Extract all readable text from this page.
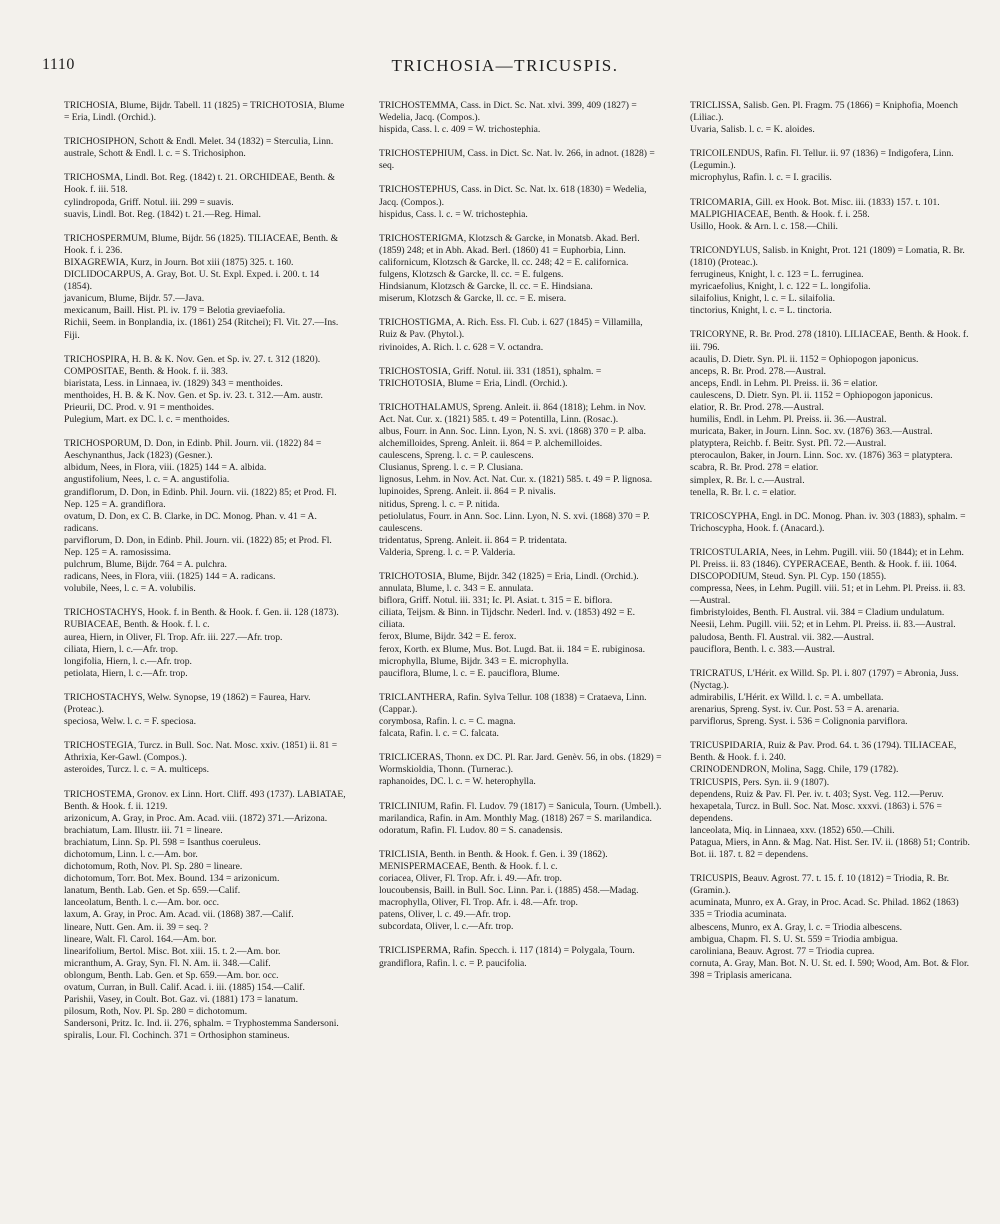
1110	TRICHOSIA—TRICUSPIS.

TRICHOSIA, Blume, Bijdr. Tabell. 11 (1825) = TRICHOTOSIA, Blume = Eria, Lindl. (Orchid.).

TRICHOSIPHON, Schott & Endl. Melet. 34 (1832) = Sterculia, Linn.

australe, Schott & Endl. l. c. = S. Trichosiphon.

TRICHOSMA, Lindl. Bot. Reg. (1842) t. 21. ORCHIDEAE, Benth. & Hook. f. iii. 518.

cylindropoda, Griff. Notul. iii. 299 = suavis.

suavis, Lindl. Bot. Reg. (1842) t. 21.—Reg. Himal.

TRICHOSPERMUM, Blume, Bijdr. 56 (1825). TILIACEAE, Benth. & Hook. f. i. 236.

BIXAGREWIA, Kurz, in Journ. Bot xiii (1875) 325. t. 160.

DICLIDOCARPUS, A. Gray, Bot. U. St. Expl. Exped. i. 200. t. 14 (1854).

javanicum, Blume, Bijdr. 57.—Java.

mexicanum, Baill. Hist. Pl. iv. 179 = Belotia greviaefolia.

Richii, Seem. in Bonplandia, ix. (1861) 254 (Ritchei); Fl. Vit. 27.—Ins. Fiji.

TRICHOSPIRA, H. B. & K. Nov. Gen. et Sp. iv. 27. t. 312 (1820). COMPOSITAE, Benth. & Hook. f. ii. 383.

biaristata, Less. in Linnaea, iv. (1829) 343 = menthoides.

menthoides, H. B. & K. Nov. Gen. et Sp. iv. 23. t. 312.—Am. austr.

Prieurii, DC. Prod. v. 91 = menthoides.

Pulegium, Mart. ex DC. l. c. = menthoides.

TRICHOSPORUM, D. Don, in Edinb. Phil. Journ. vii. (1822) 84 = Aeschynanthus, Jack (1823) (Gesner.).

albidum, Nees, in Flora, viii. (1825) 144 = A. albida.

angustifolium, Nees, l. c. = A. angustifolia.

grandiflorum, D. Don, in Edinb. Phil. Journ. vii. (1822) 85; et Prod. Fl. Nep. 125 = A. grandiflora.

ovatum, D. Don, ex C. B. Clarke, in DC. Monog. Phan. v. 41 = A. radicans.

parviflorum, D. Don, in Edinb. Phil. Journ. vii. (1822) 85; et Prod. Fl. Nep. 125 = A. ramosissima.

pulchrum, Blume, Bijdr. 764 = A. pulchra.

radicans, Nees, in Flora, viii. (1825) 144 = A. radicans.

volubile, Nees, l. c. = A. volubilis.

TRICHOSTACHYS, Hook. f. in Benth. & Hook. f. Gen. ii. 128 (1873). RUBIACEAE, Benth. & Hook. f. l. c.

aurea, Hiern, in Oliver, Fl. Trop. Afr. iii. 227.—Afr. trop.

ciliata, Hiern, l. c.—Afr. trop.

longifolia, Hiern, l. c.—Afr. trop.

petiolata, Hiern, l. c.—Afr. trop.

TRICHOSTACHYS, Welw. Synopse, 19 (1862) = Faurea, Harv. (Proteac.).

speciosa, Welw. l. c. = F. speciosa.

TRICHOSTEGIA, Turcz. in Bull. Soc. Nat. Mosc. xxiv. (1851) ii. 81 = Athrixia, Ker-Gawl. (Compos.).

asteroides, Turcz. l. c. = A. multiceps.

TRICHOSTEMA, Gronov. ex Linn. Hort. Cliff. 493 (1737). LABIATAE, Benth. & Hook. f. ii. 1219.

arizonicum, A. Gray, in Proc. Am. Acad. viii. (1872) 371.—Arizona.

brachiatum, Lam. Illustr. iii. 71 = lineare.

brachiatum, Linn. Sp. Pl. 598 = Isanthus coeruleus.

dichotomum, Linn. l. c.—Am. bor.

dichotomum, Roth, Nov. Pl. Sp. 280 = lineare.

dichotomum, Torr. Bot. Mex. Bound. 134 = arizonicum.

lanatum, Benth. Lab. Gen. et Sp. 659.—Calif.

lanceolatum, Benth. l. c.—Am. bor. occ.

laxum, A. Gray, in Proc. Am. Acad. vii. (1868) 387.—Calif.

lineare, Nutt. Gen. Am. ii. 39 = seq. ?

lineare, Walt. Fl. Carol. 164.—Am. bor.

linearifolium, Bertol. Misc. Bot. xiii. 15. t. 2.—Am. bor.

micranthum, A. Gray, Syn. Fl. N. Am. ii. 348.—Calif.

oblongum, Benth. Lab. Gen. et Sp. 659.—Am. bor. occ.

ovatum, Curran, in Bull. Calif. Acad. i. iii. (1885) 154.—Calif.

Parishii, Vasey, in Coult. Bot. Gaz. vi. (1881) 173 = lanatum.

pilosum, Roth, Nov. Pl. Sp. 280 = dichotomum.

Sandersoni, Pritz. Ic. Ind. ii. 276, sphalm. = Tryphostemma Sandersoni.

spiralis, Lour. Fl. Cochinch. 371 = Orthosiphon stamineus.

TRICHOSTEMMA, Cass. in Dict. Sc. Nat. xlvi. 399, 409 (1827) = Wedelia, Jacq. (Compos.).

hispida, Cass. l. c. 409 = W. trichostephia.

TRICHOSTEPHIUM, Cass. in Dict. Sc. Nat. lv. 266, in adnot. (1828) = seq.

TRICHOSTEPHUS, Cass. in Dict. Sc. Nat. lx. 618 (1830) = Wedelia, Jacq. (Compos.).

hispidus, Cass. l. c. = W. trichostephia.

TRICHOSTERIGMA, Klotzsch & Garcke, in Monatsb. Akad. Berl. (1859) 248; et in Abh. Akad. Berl. (1860) 41 = Euphorbia, Linn.

californicum, Klotzsch & Garcke, ll. cc. 248; 42 = E. californica.

fulgens, Klotzsch & Garcke, ll. cc. = E. fulgens.

Hindsianum, Klotzsch & Garcke, ll. cc. = E. Hindsiana.

miserum, Klotzsch & Garcke, ll. cc. = E. misera.

TRICHOSTIGMA, A. Rich. Ess. Fl. Cub. i. 627 (1845) = Villamilla, Ruiz & Pav. (Phytol.).

rivinoides, A. Rich. l. c. 628 = V. octandra.

TRICHOSTOSIA, Griff. Notul. iii. 331 (1851), sphalm. = TRICHOTOSIA, Blume = Eria, Lindl. (Orchid.).

TRICHOTHALAMUS, Spreng. Anleit. ii. 864 (1818); Lehm. in Nov. Act. Nat. Cur. x. (1821) 585. t. 49 = Potentilla, Linn. (Rosac.).

albus, Fourr. in Ann. Soc. Linn. Lyon, N. S. xvi. (1868) 370 = P. alba.

alchemilloides, Spreng. Anleit. ii. 864 = P. alchemilloides.

caulescens, Spreng. l. c. = P. caulescens.

Clusianus, Spreng. l. c. = P. Clusiana.

lignosus, Lehm. in Nov. Act. Nat. Cur. x. (1821) 585. t. 49 = P. lignosa.

lupinoides, Spreng. Anleit. ii. 864 = P. nivalis.

nitidus, Spreng. l. c. = P. nitida.

petiolulatus, Fourr. in Ann. Soc. Linn. Lyon, N. S. xvi. (1868) 370 = P. caulescens.

tridentatus, Spreng. Anleit. ii. 864 = P. tridentata.

Valderia, Spreng. l. c. = P. Valderia.

TRICHOTOSIA, Blume, Bijdr. 342 (1825) = Eria, Lindl. (Orchid.).

annulata, Blume, l. c. 343 = E. annulata.

biflora, Griff. Notul. iii. 331; Ic. Pl. Asiat. t. 315 = E. biflora.

ciliata, Teijsm. & Binn. in Tijdschr. Nederl. Ind. v. (1853) 492 = E. ciliata.

ferox, Blume, Bijdr. 342 = E. ferox.

ferox, Korth. ex Blume, Mus. Bot. Lugd. Bat. ii. 184 = E. rubiginosa.

microphylla, Blume, Bijdr. 343 = E. microphylla.

pauciflora, Blume, l. c. = E. pauciflora, Blume.

TRICLANTHERA, Rafin. Sylva Tellur. 108 (1838) = Crataeva, Linn. (Cappar.).

corymbosa, Rafin. l. c. = C. magna.

falcata, Rafin. l. c. = C. falcata.

TRICLICERAS, Thonn. ex DC. Pl. Rar. Jard. Genèv. 56, in obs. (1829) = Wormskioldia, Thonn. (Turnerac.).

raphanoides, DC. l. c. = W. heterophylla.

TRICLINIUM, Rafin. Fl. Ludov. 79 (1817) = Sanicula, Tourn. (Umbell.).

marilandica, Rafin. in Am. Monthly Mag. (1818) 267 = S. marilandica.

odoratum, Rafin. Fl. Ludov. 80 = S. canadensis.

TRICLISIA, Benth. in Benth. & Hook. f. Gen. i. 39 (1862). MENISPERMACEAE, Benth. & Hook. f. l. c.

coriacea, Oliver, Fl. Trop. Afr. i. 49.—Afr. trop.

loucoubensis, Baill. in Bull. Soc. Linn. Par. i. (1885) 458.—Madag.

macrophylla, Oliver, Fl. Trop. Afr. i. 48.—Afr. trop.

patens, Oliver, l. c. 49.—Afr. trop.

subcordata, Oliver, l. c.—Afr. trop.

TRICLISPERMA, Rafin. Specch. i. 117 (1814) = Polygala, Tourn.

grandiflora, Rafin. l. c. = P. paucifolia.

TRICLISSA, Salisb. Gen. Pl. Fragm. 75 (1866) = Kniphofia, Moench (Liliac.).

Uvaria, Salisb. l. c. = K. aloides.

TRICOILENDUS, Rafin. Fl. Tellur. ii. 97 (1836) = Indigofera, Linn. (Legumin.).

microphylus, Rafin. l. c. = I. gracilis.

TRICOMARIA, Gill. ex Hook. Bot. Misc. iii. (1833) 157. t. 101. MALPIGHIACEAE, Benth. & Hook. f. i. 258.

Usillo, Hook. & Arn. l. c. 158.—Chili.

TRICONDYLUS, Salisb. in Knight, Prot. 121 (1809) = Lomatia, R. Br. (1810) (Proteac.).

ferrugineus, Knight, l. c. 123 = L. ferruginea.

myricaefolius, Knight, l. c. 122 = L. longifolia.

silaifolius, Knight, l. c. = L. silaifolia.

tinctorius, Knight, l. c. = L. tinctoria.

TRICORYNE, R. Br. Prod. 278 (1810). LILIACEAE, Benth. & Hook. f. iii. 796.

acaulis, D. Dietr. Syn. Pl. ii. 1152 = Ophiopogon japonicus.

anceps, R. Br. Prod. 278.—Austral.

anceps, Endl. in Lehm. Pl. Preiss. ii. 36 = elatior.

caulescens, D. Dietr. Syn. Pl. ii. 1152 = Ophiopogon japonicus.

elatior, R. Br. Prod. 278.—Austral.

humilis, Endl. in Lehm. Pl. Preiss. ii. 36.—Austral.

muricata, Baker, in Journ. Linn. Soc. xv. (1876) 363.—Austral.

platyptera, Reichb. f. Beitr. Syst. Pfl. 72.—Austral.

pterocaulon, Baker, in Journ. Linn. Soc. xv. (1876) 363 = platyptera.

scabra, R. Br. Prod. 278 = elatior.

simplex, R. Br. l. c.—Austral.

tenella, R. Br. l. c. = elatior.

TRICOSCYPHA, Engl. in DC. Monog. Phan. iv. 303 (1883), sphalm. = Trichoscypha, Hook. f. (Anacard.).

TRICOSTULARIA, Nees, in Lehm. Pugill. viii. 50 (1844); et in Lehm. Pl. Preiss. ii. 83 (1846). CYPERACEAE, Benth. & Hook. f. iii. 1064.

DISCOPODIUM, Steud. Syn. Pl. Cyp. 150 (1855).

compressa, Nees, in Lehm. Pugill. viii. 51; et in Lehm. Pl. Preiss. ii. 83.—Austral.

fimbristyloides, Benth. Fl. Austral. vii. 384 = Cladium undulatum.

Neesii, Lehm. Pugill. viii. 52; et in Lehm. Pl. Preiss. ii. 83.—Austral.

paludosa, Benth. Fl. Austral. vii. 382.—Austral.

pauciflora, Benth. l. c. 383.—Austral.

TRICRATUS, L'Hérit. ex Willd. Sp. Pl. i. 807 (1797) = Abronia, Juss. (Nyctag.).

admirabilis, L'Hérit. ex Willd. l. c. = A. umbellata.

arenarius, Spreng. Syst. iv. Cur. Post. 53 = A. arenaria.

parviflorus, Spreng. Syst. i. 536 = Colignonia parviflora.

TRICUSPIDARIA, Ruiz & Pav. Prod. 64. t. 36 (1794). TILIACEAE, Benth. & Hook. f. i. 240.

CRINODENDRON, Molina, Sagg. Chile, 179 (1782).

TRICUSPIS, Pers. Syn. ii. 9 (1807).

dependens, Ruiz & Pav. Fl. Per. iv. t. 403; Syst. Veg. 112.—Peruv.

hexapetala, Turcz. in Bull. Soc. Nat. Mosc. xxxvi. (1863) i. 576 = dependens.

lanceolata, Miq. in Linnaea, xxv. (1852) 650.—Chili.

Patagua, Miers, in Ann. & Mag. Nat. Hist. Ser. IV. ii. (1868) 51; Contrib. Bot. ii. 187. t. 82 = dependens.

TRICUSPIS, Beauv. Agrost. 77. t. 15. f. 10 (1812) = Triodia, R. Br. (Gramin.).

acuminata, Munro, ex A. Gray, in Proc. Acad. Sc. Philad. 1862 (1863) 335 = Triodia acuminata.

albescens, Munro, ex A. Gray, l. c. = Triodia albescens.

ambigua, Chapm. Fl. S. U. St. 559 = Triodia ambigua.

caroliniana, Beauv. Agrost. 77 = Triodia cuprea.

cornuta, A. Gray, Man. Bot. N. U. St. ed. I. 590; Wood, Am. Bot. & Flor. 398 = Triplasis americana.
